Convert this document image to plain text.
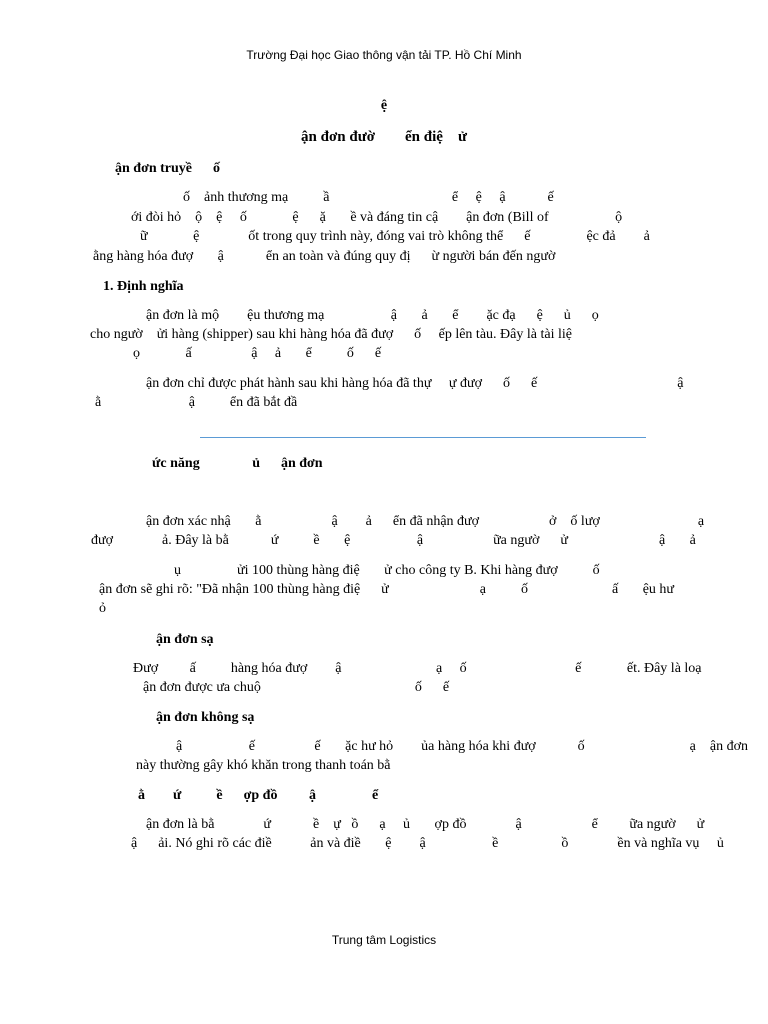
Trường Đại học Giao thông vận tải TP. Hồ Chí Minh
ệ
ận đơn đườ        ển điệ    ử
ận đơn truyề      ố
ố    ảnh thương mạ          ầ                                   ể     ệ     ậ            ế
ới đòi hỏ    ộ    ệ     ố             ệ      ặ       ề và đáng tin cậ        ận đơn (Bill of                   ộ
ữ             ệ              ốt trong quy trình này, đóng vai trò không thể      ế                ệc đả        ả
ằng hàng hóa đượ       ậ            ển an toàn và đúng quy đị      ừ người bán đến ngườ
1. Định nghĩa
ận đơn là mộ        ệu thương mạ                   ậ       ả       ể        ặc đạ      ệ      ủ      ọ
cho ngườ    ửi hàng (shipper) sau khi hàng hóa đã đượ      ố     ếp lên tàu. Đây là tài liệ
ọ             ấ                 ậ     ả       ể          ố      ế
ận đơn chỉ được phát hành sau khi hàng hóa đã thự     ự đượ      ố      ế                                        ậ
ằ                         ậ          ển đã bắt đầ
ức năng               ủ      ận đơn
ận đơn xác nhậ       ằ                    ậ        ả      ển đã nhận đượ                    ở    ố lượ                            ạ
đượ              ả. Đây là bằ            ứ          ề       ệ                   ậ                    ữa ngườ      ử                          ậ       ả
ụ                ửi 100 thùng hàng điệ       ử cho công ty B. Khi hàng đượ          ố
ận đơn sẽ ghi rõ: "Đã nhận 100 thùng hàng điệ      ử                          ạ          ố                        ấ       ệu hư
ỏ
ận đơn sạ
Đượ         ấ          hàng hóa đượ        ậ                           ạ     ố                               ế             ết. Đây là loạ
ận đơn được ưa chuộ                                            ố      ế
ận đơn không sạ
ậ                   ế                 ế       ặc hư hỏ        ủa hàng hóa khi đượ            ố                              ạ    ận đơn
này thường gây khó khăn trong thanh toán bằ
ằ        ứ          ề      ợp đồ         ậ                ể
ận đơn là bằ              ứ            ề    ự   ồ      ạ     ủ       ợp đồ              ậ                    ể         ữa ngườ      ử
ậ      ải. Nó ghi rõ các điề           ản và điề       ệ        ậ                   ề                  ồ              ền và nghĩa vụ     ủ
Trung tâm Logistics
